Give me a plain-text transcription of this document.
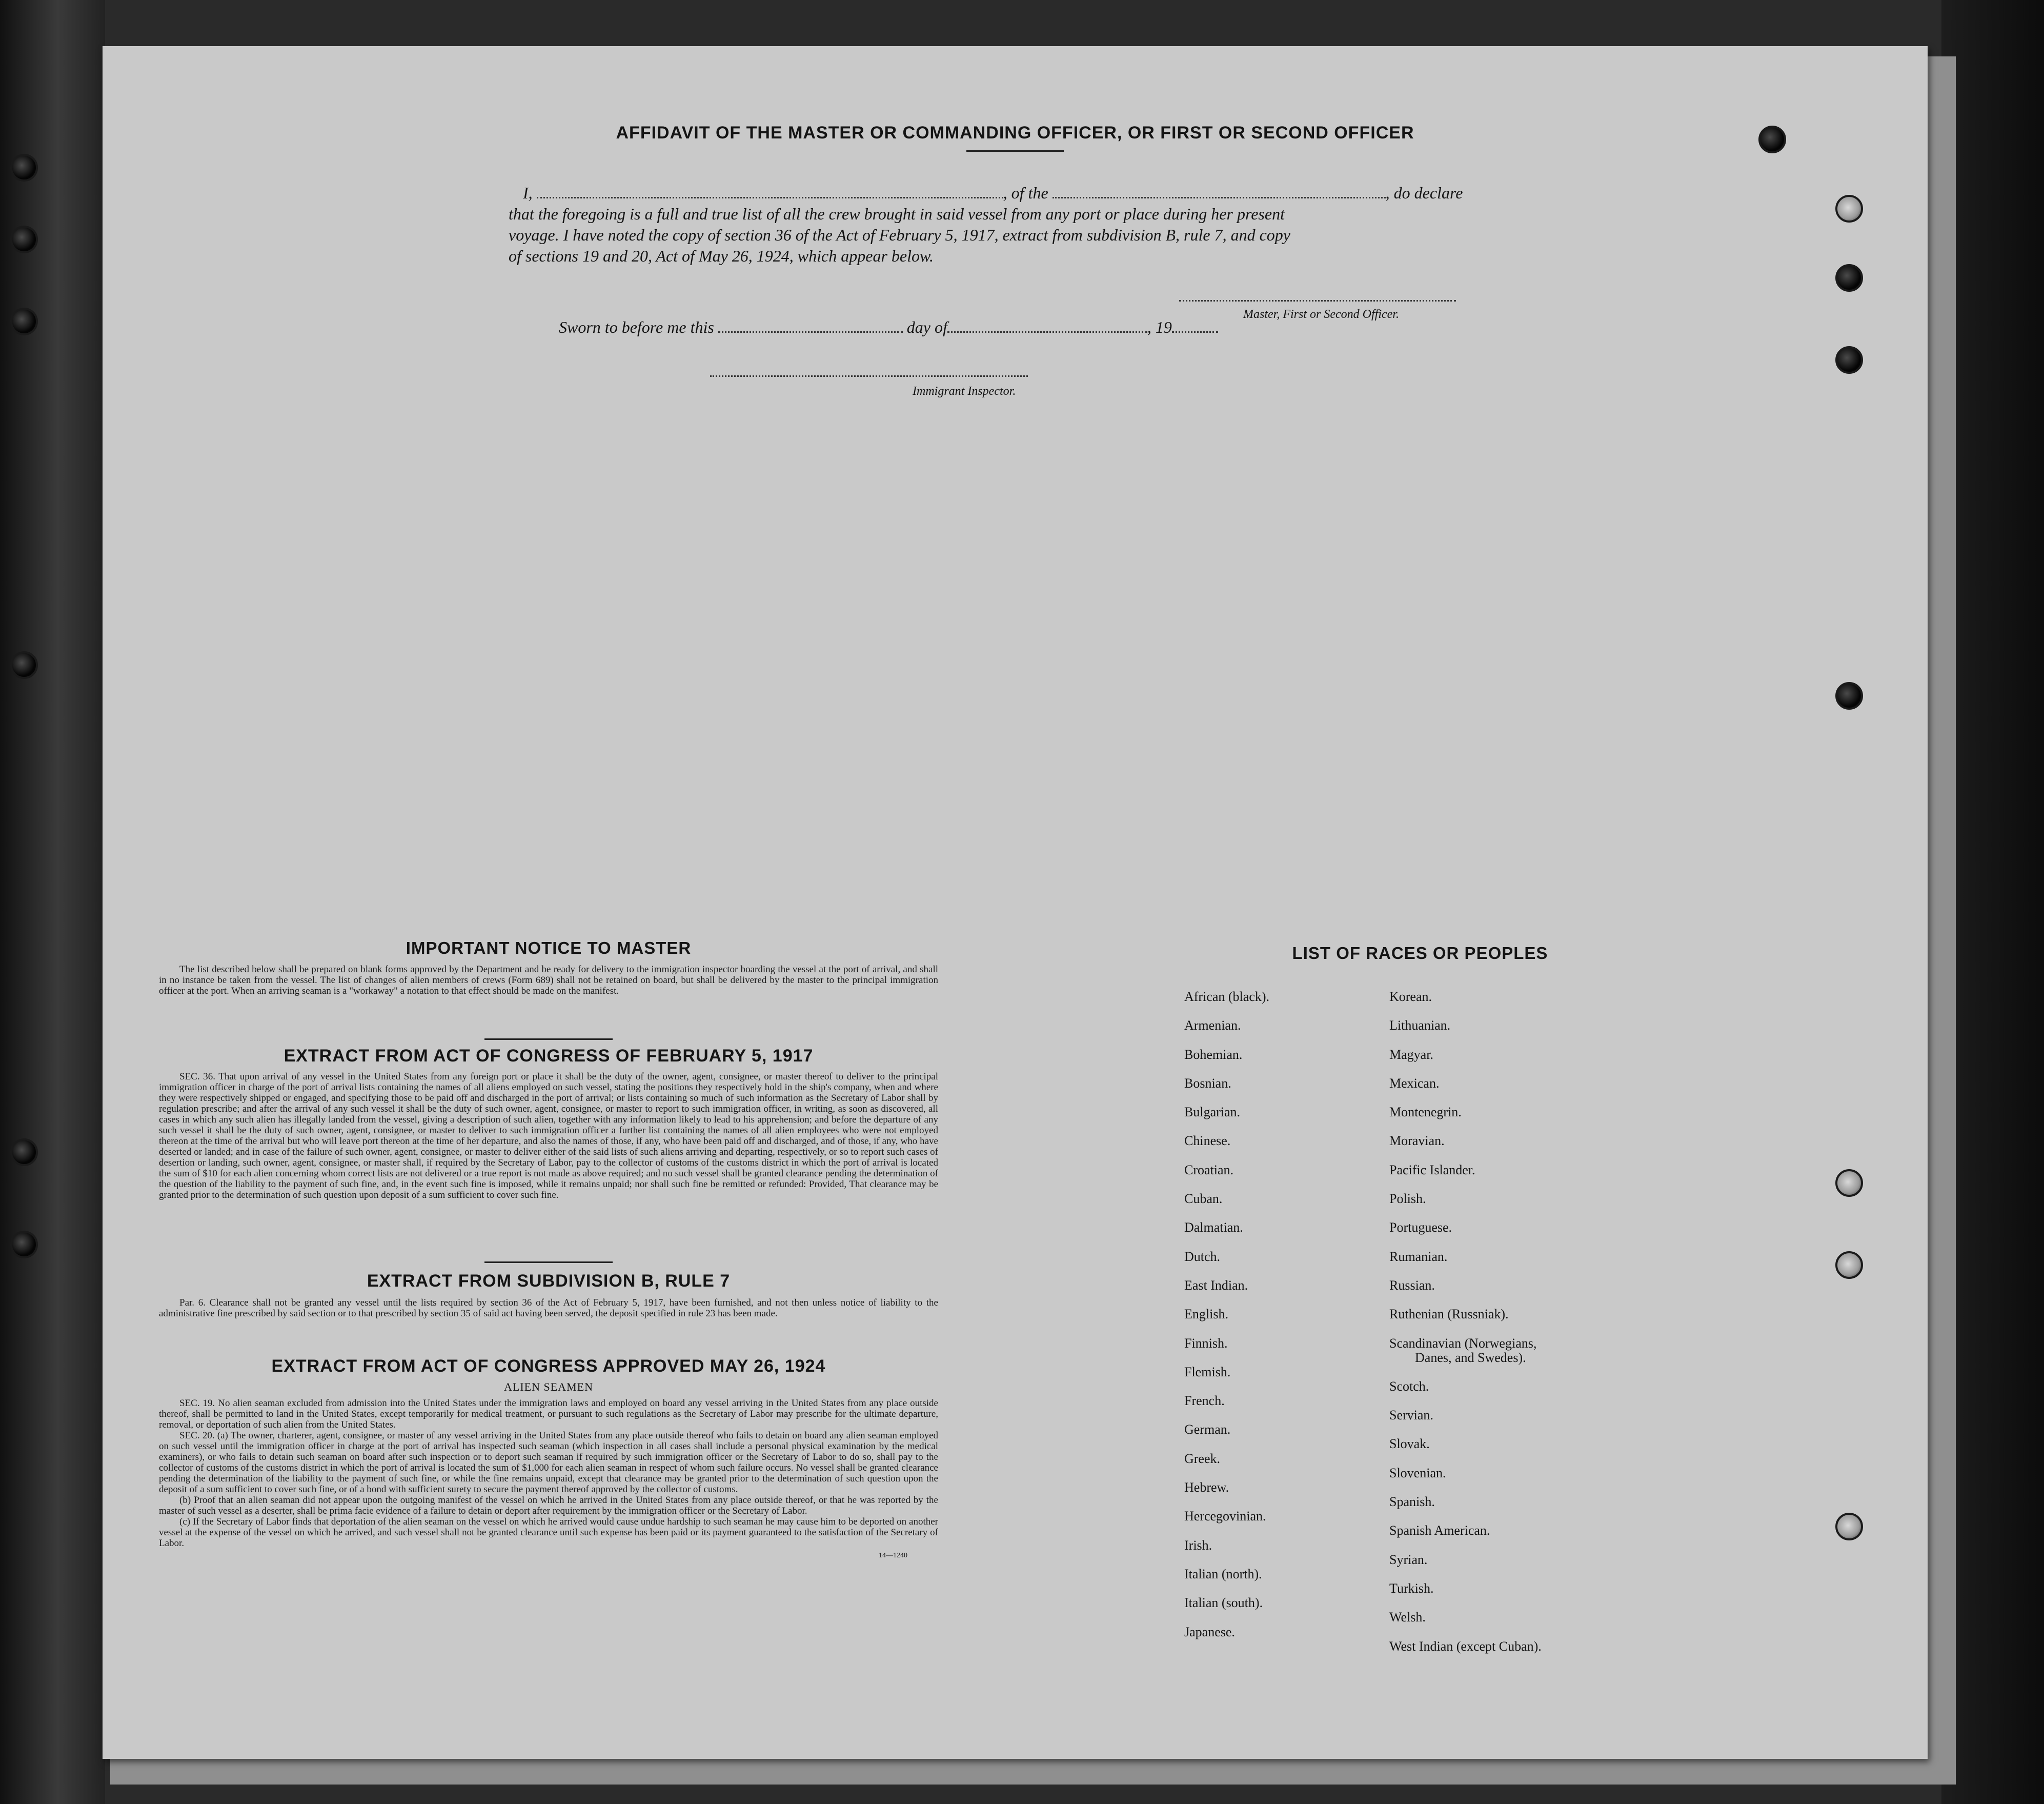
AFFIDAVIT OF THE MASTER OR COMMANDING OFFICER, OR FIRST OR SECOND OFFICER
I,	, of the	, do declare
that the foregoing is a full and true list of all the crew brought in said vessel from any port or place during her present
voyage. I have noted the copy of section 36 of the Act of February 5, 1917, extract from subdivision B, rule 7, and copy
of sections 19 and 20, Act of May 26, 1924, which appear below.
Master, First or Second Officer.
Sworn to before me this	day of	, 19
Immigrant Inspector.
IMPORTANT NOTICE TO MASTER
The list described below shall be prepared on blank forms approved by the Department and be ready for delivery to the immigration inspector boarding the vessel at the port of arrival, and shall in no instance be taken from the vessel. The list of changes of alien members of crews (Form 689) shall not be retained on board, but shall be delivered by the master to the principal immigration officer at the port. When an arriving seaman is a "workaway" a notation to that effect should be made on the manifest.
EXTRACT FROM ACT OF CONGRESS OF FEBRUARY 5, 1917
SEC. 36. That upon arrival of any vessel in the United States from any foreign port or place it shall be the duty of the owner, agent, consignee, or master thereof to deliver to the principal immigration officer in charge of the port of arrival lists containing the names of all aliens employed on such vessel, stating the positions they respectively hold in the ship's company, when and where they were respectively shipped or engaged, and specifying those to be paid off and discharged in the port of arrival; or lists containing so much of such information as the Secretary of Labor shall by regulation prescribe; and after the arrival of any such vessel it shall be the duty of such owner, agent, consignee, or master to report to such immigration officer, in writing, as soon as discovered, all cases in which any such alien has illegally landed from the vessel, giving a description of such alien, together with any information likely to lead to his apprehension; and before the departure of any such vessel it shall be the duty of such owner, agent, consignee, or master to deliver to such immigration officer a further list containing the names of all alien employees who were not employed thereon at the time of the arrival but who will leave port thereon at the time of her departure, and also the names of those, if any, who have been paid off and discharged, and of those, if any, who have deserted or landed; and in case of the failure of such owner, agent, consignee, or master to deliver either of the said lists of such aliens arriving and departing, respectively, or so to report such cases of desertion or landing, such owner, agent, consignee, or master shall, if required by the Secretary of Labor, pay to the collector of customs of the customs district in which the port of arrival is located the sum of $10 for each alien concerning whom correct lists are not delivered or a true report is not made as above required; and no such vessel shall be granted clearance pending the determination of the question of the liability to the payment of such fine, and, in the event such fine is imposed, while it remains unpaid; nor shall such fine be remitted or refunded: Provided, That clearance may be granted prior to the determination of such question upon deposit of a sum sufficient to cover such fine.
EXTRACT FROM SUBDIVISION B, RULE 7
Par. 6. Clearance shall not be granted any vessel until the lists required by section 36 of the Act of February 5, 1917, have been furnished, and not then unless notice of liability to the administrative fine prescribed by said section or to that prescribed by section 35 of said act having been served, the deposit specified in rule 23 has been made.
EXTRACT FROM ACT OF CONGRESS APPROVED MAY 26, 1924
ALIEN SEAMEN
SEC. 19. No alien seaman excluded from admission into the United States under the immigration laws and employed on board any vessel arriving in the United States from any place outside thereof, shall be permitted to land in the United States, except temporarily for medical treatment, or pursuant to such regulations as the Secretary of Labor may prescribe for the ultimate departure, removal, or deportation of such alien from the United States.
SEC. 20. (a) The owner, charterer, agent, consignee, or master of any vessel arriving in the United States from any place outside thereof who fails to detain on board any alien seaman employed on such vessel until the immigration officer in charge at the port of arrival has inspected such seaman (which inspection in all cases shall include a personal physical examination by the medical examiners), or who fails to detain such seaman on board after such inspection or to deport such seaman if required by such immigration officer or the Secretary of Labor to do so, shall pay to the collector of customs of the customs district in which the port of arrival is located the sum of $1,000 for each alien seaman in respect of whom such failure occurs. No vessel shall be granted clearance pending the determination of the liability to the payment of such fine, or while the fine remains unpaid, except that clearance may be granted prior to the determination of such question upon the deposit of a sum sufficient to cover such fine, or of a bond with sufficient surety to secure the payment thereof approved by the collector of customs.
(b) Proof that an alien seaman did not appear upon the outgoing manifest of the vessel on which he arrived in the United States from any place outside thereof, or that he was reported by the master of such vessel as a deserter, shall be prima facie evidence of a failure to detain or deport after requirement by the immigration officer or the Secretary of Labor.
(c) If the Secretary of Labor finds that deportation of the alien seaman on the vessel on which he arrived would cause undue hardship to such seaman he may cause him to be deported on another vessel at the expense of the vessel on which he arrived, and such vessel shall not be granted clearance until such expense has been paid or its payment guaranteed to the satisfaction of the Secretary of Labor.
14—1240
LIST OF RACES OR PEOPLES
African (black).
Armenian.
Bohemian.
Bosnian.
Bulgarian.
Chinese.
Croatian.
Cuban.
Dalmatian.
Dutch.
East Indian.
English.
Finnish.
Flemish.
French.
German.
Greek.
Hebrew.
Hercegovinian.
Irish.
Italian (north).
Italian (south).
Japanese.
Korean.
Lithuanian.
Magyar.
Mexican.
Montenegrin.
Moravian.
Pacific Islander.
Polish.
Portuguese.
Rumanian.
Russian.
Ruthenian (Russniak).
Scandinavian (Norwegians,
Danes, and Swedes).
Scotch.
Servian.
Slovak.
Slovenian.
Spanish.
Spanish American.
Syrian.
Turkish.
Welsh.
West Indian (except Cuban).
